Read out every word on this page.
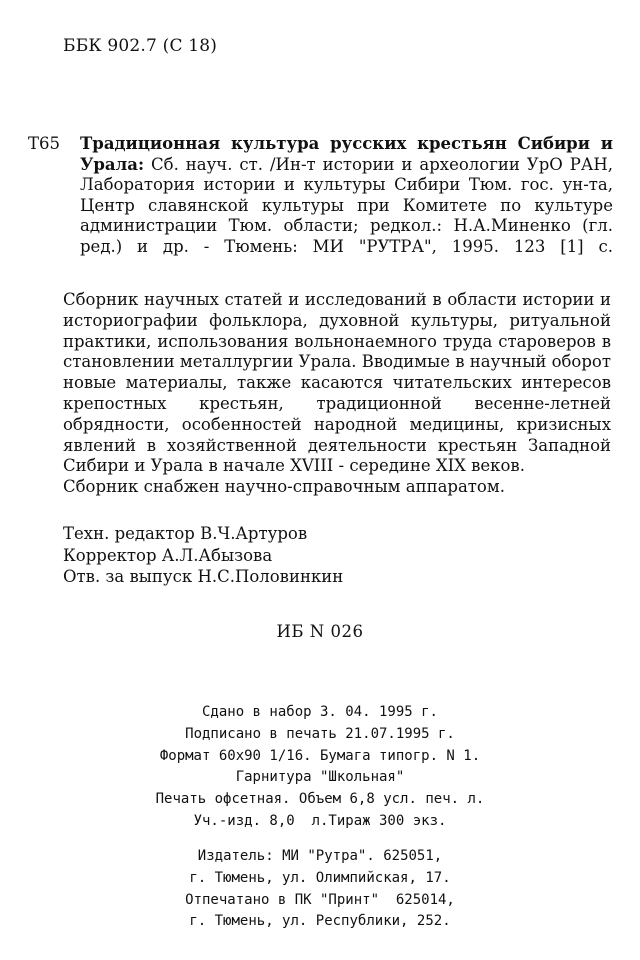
ББК 902.7 (С 18)
Т65 Традиционная культура русских крестьян Сибири и Урала: Сб. науч. ст. /Ин-т истории и археологии УрО РАН, Лаборатория истории и культуры Сибири Тюм. гос. ун-та, Центр славянской культуры при Комитете по культуре администрации Тюм. области; редкол.: Н.А.Миненко (гл. ред.) и др. - Тюмень: МИ "РУТРА", 1995. 123 [1] с.

Сборник научных статей и исследований в области истории и историографии фольклора, духовной культуры, ритуальной практики, использования вольнонаемного труда староверов в становлении металлургии Урала. Вводимые в научный оборот новые материалы, также касаются читательских интересов крепостных крестьян, традиционной весенне-летней обрядности, особенностей народной медицины, кризисных явлений в хозяйственной деятельности крестьян Западной Сибири и Урала в начале XVIII - середине XIX веков.

Сборник снабжен научно-справочным аппаратом.

Техн. редактор В.Ч.Артуров
Корректор А.Л.Абызова
Отв. за выпуск Н.С.Половинкин
ИБ N 026
Сдано в набор 3. 04. 1995 г.
Подписано в печать 21.07.1995 г.
Формат 60х90 1/16. Бумага типогр. N 1.
Гарнитура "Школьная"
Печать офсетная. Объем 6,8 усл. печ. л.
Уч.-изд. 8,0  л.Тираж 300 экз.
Издатель: МИ "Рутра". 625051,
г. Тюмень, ул. Олимпийская, 17.
Отпечатано в ПК "Принт"  625014,
г. Тюмень, ул. Республики, 252.
